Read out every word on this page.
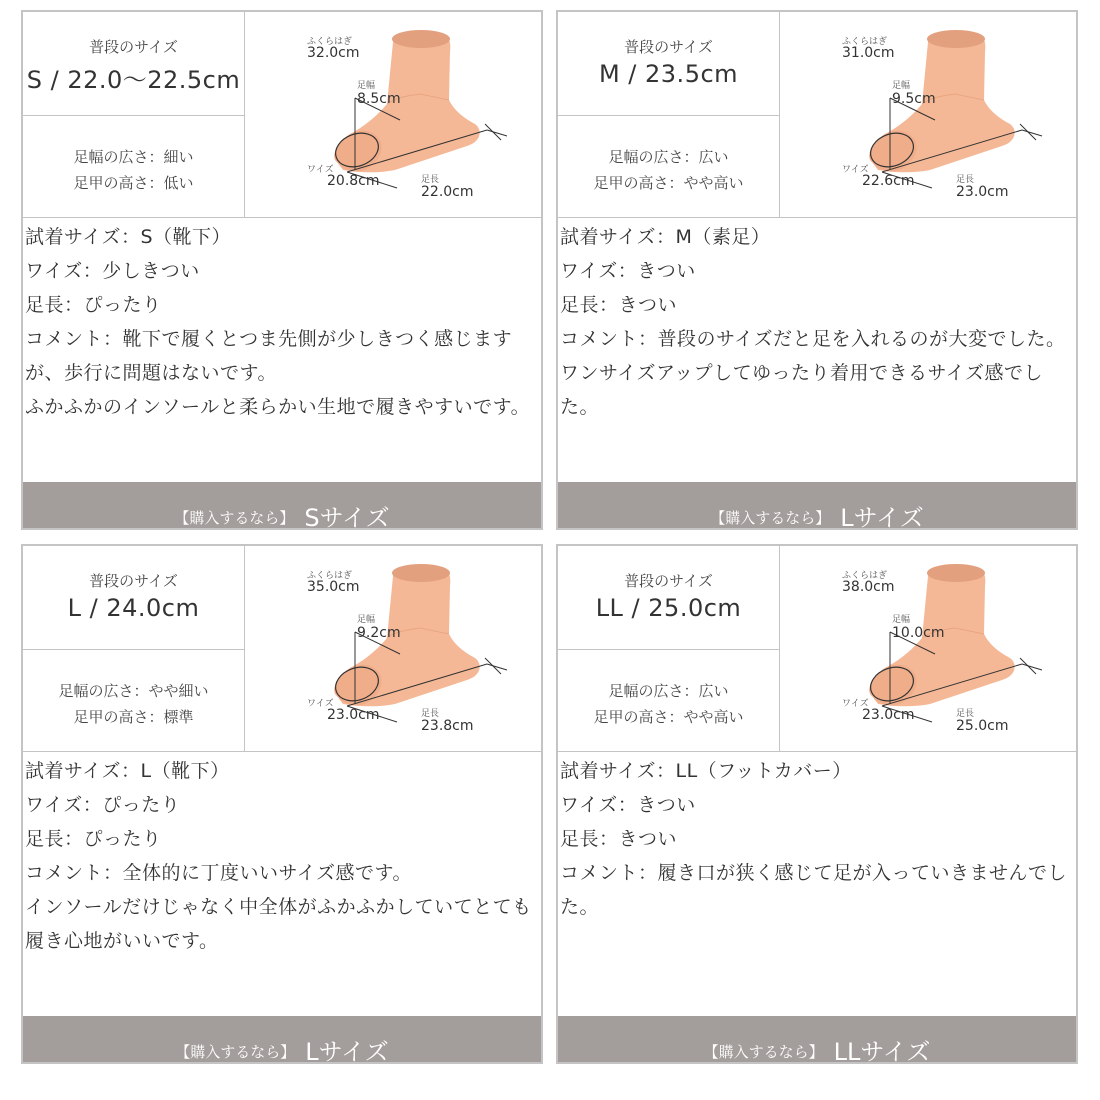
普段のサイズ
S / 22.0〜22.5cm
足幅の広さ：細い
足甲の高さ：低い
ふくらはぎ
32.0cm
足幅
8.5cm
ワイズ
20.8cm	足長
22.0cm
試着サイズ：S（靴下）
ワイズ：少しきつい
足長：ぴったり
コメント：靴下で履くとつま先側が少しきつく感じますが、歩行に問題はないです。
ふかふかのインソールと柔らかい生地で履きやすいです。
【購入するなら】 Sサイズ
普段のサイズ
M / 23.5cm
足幅の広さ：広い
足甲の高さ：やや高い
ふくらはぎ
31.0cm
足幅
9.5cm
ワイズ
22.6cm	足長
23.0cm
試着サイズ：M（素足）
ワイズ：きつい
足長：きつい
コメント：普段のサイズだと足を入れるのが大変でした。ワンサイズアップしてゆったり着用できるサイズ感でした。
【購入するなら】 Lサイズ
普段のサイズ
L / 24.0cm
足幅の広さ：やや細い
足甲の高さ：標準
ふくらはぎ
35.0cm
足幅
9.2cm
ワイズ
23.0cm	足長
23.8cm
試着サイズ：L（靴下）
ワイズ：ぴったり
足長：ぴったり
コメント：全体的に丁度いいサイズ感です。
インソールだけじゃなく中全体がふかふかしていてとても履き心地がいいです。
【購入するなら】 Lサイズ
普段のサイズ
LL / 25.0cm
足幅の広さ：広い
足甲の高さ：やや高い
ふくらはぎ
38.0cm
足幅
10.0cm
ワイズ
23.0cm	足長
25.0cm
試着サイズ：LL（フットカバー）
ワイズ：きつい
足長：きつい
コメント：履き口が狭く感じて足が入っていきませんでした。
【購入するなら】 LLサイズ
